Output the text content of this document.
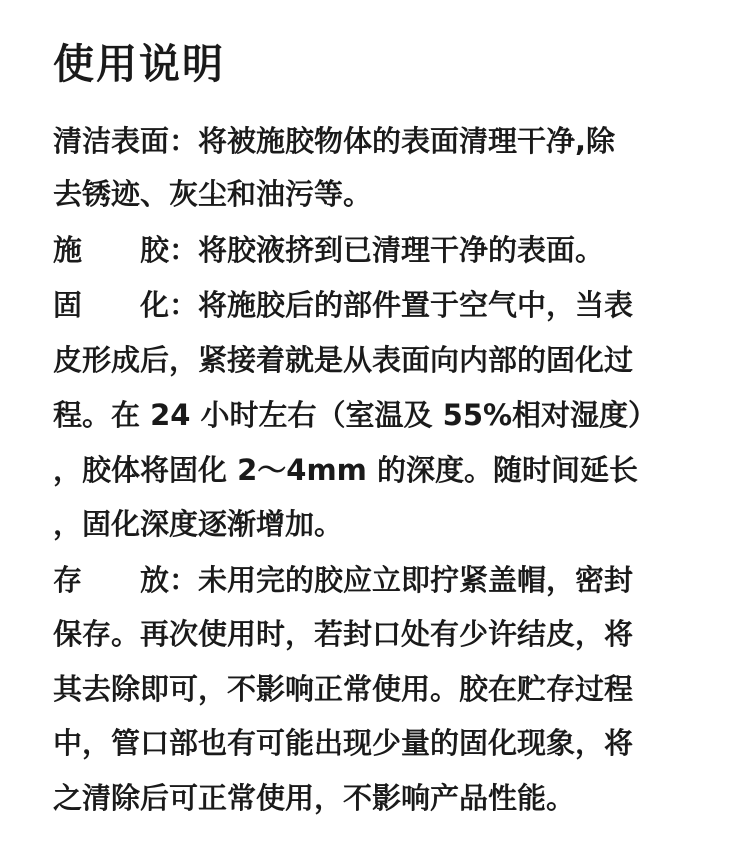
使用说明

清洁表面：将被施胶物体的表面清理干净,除

去锈迹、灰尘和油污等。

施　　胶：将胶液挤到已清理干净的表面。

固　　化：将施胶后的部件置于空气中，当表

皮形成后，紧接着就是从表面向内部的固化过

程。在 24 小时左右（室温及 55%相对湿度）

，胶体将固化 2～4mm 的深度。随时间延长

，固化深度逐渐增加。

存　　放：未用完的胶应立即拧紧盖帽，密封

保存。再次使用时，若封口处有少许结皮，将

其去除即可，不影响正常使用。胶在贮存过程

中，管口部也有可能出现少量的固化现象，将

之清除后可正常使用，不影响产品性能。
